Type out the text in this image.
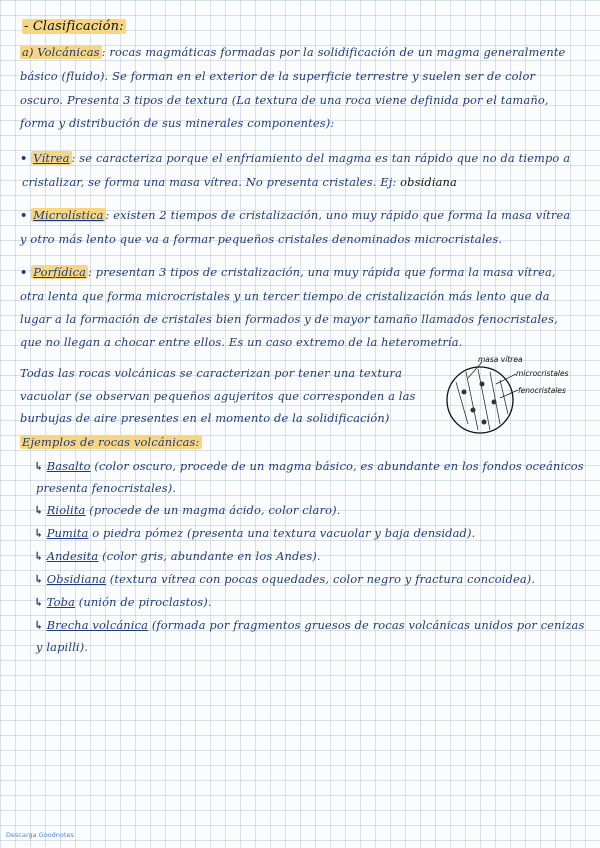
- Clasificación:
a) Volcánicas : rocas magmáticas formadas por la solidificación de un magma generalmente
básico (fluido). Se forman en el exterior de la superficie terrestre y suelen ser de color
oscuro. Presenta 3 tipos de textura (La textura de una roca viene definida por el tamaño,
forma y distribución de sus minerales componentes):
• Vítrea : se caracteriza porque el enfriamiento del magma es tan rápido que no da tiempo a
cristalizar, se forma una masa vítrea. No presenta cristales. Ej: obsidiana
• Microlística : existen 2 tiempos de cristalización, uno muy rápido que forma la masa vítrea
y otro más lento que va a formar pequeños cristales denominados microcristales.
• Porfídica : presentan 3 tipos de cristalización, una muy rápida que forma la masa vítrea,
otra lenta que forma microcristales y un tercer tiempo de cristalización más lento que da
lugar a la formación de cristales bien formados y de mayor tamaño llamados fenocristales,
que no llegan a chocar entre ellos. Es un caso extremo de la heterometría.
Todas las rocas volcánicas se caracterizan por tener una textura
vacuolar (se observan pequeños agujeritos que corresponden a las
burbujas de aire presentes en el momento de la solidificación)
masa vítrea
microcristales
fenocristales
Ejemplos de rocas volcánicas:
↳ Basalto (color oscuro, procede de un magma básico, es abundante en los fondos oceánicos
presenta fenocristales).
↳ Riolita (procede de un magma ácido, color claro).
↳ Pumita o piedra pómez (presenta una textura vacuolar y baja densidad).
↳ Andesita (color gris, abundante en los Andes).
↳ Obsidiana (textura vítrea con pocas oquedades, color negro y fractura concoidea).
↳ Toba (unión de piroclastos).
↳ Brecha volcánica (formada por fragmentos gruesos de rocas volcánicas unidos por cenizas
y lapilli).
Descarga Goodnotes
